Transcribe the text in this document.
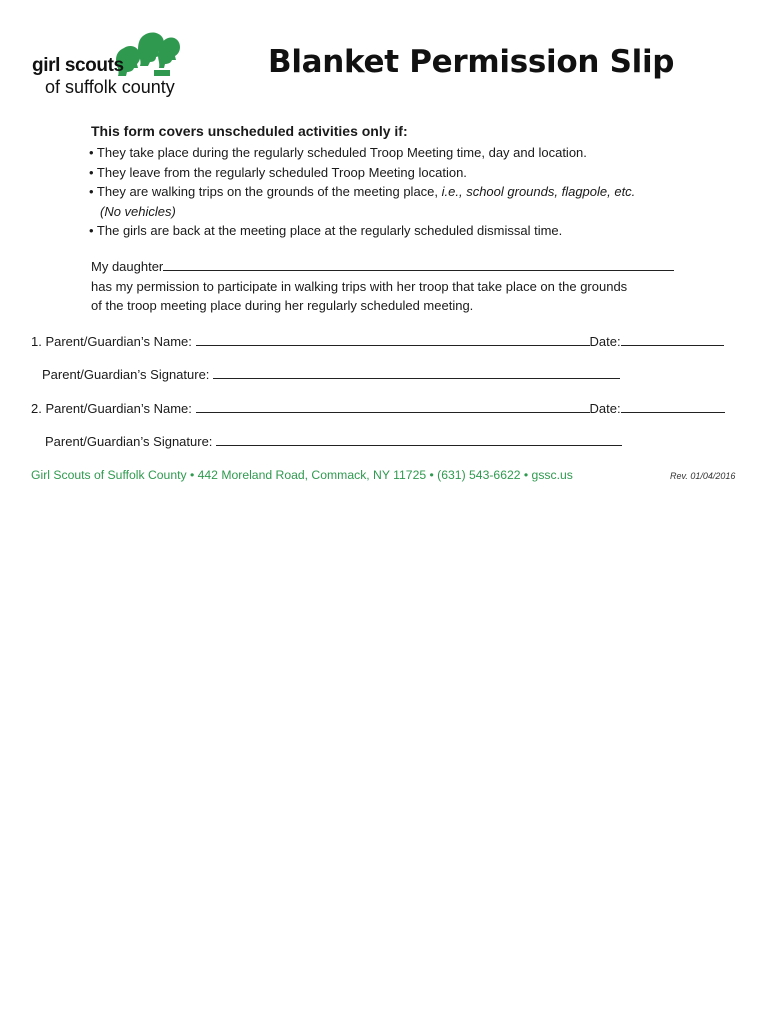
girl scouts
of suffolk county
Blanket Permission Slip
This form covers unscheduled activities only if:
• They take place during the regularly scheduled Troop Meeting time, day and location.
• They leave from the regularly scheduled Troop Meeting location.
• They are walking trips on the grounds of the meeting place, i.e., school grounds, flagpole, etc.
(No vehicles)
• The girls are back at the meeting place at the regularly scheduled dismissal time.
My daughter
has my permission to participate in walking trips with her troop that take place on the grounds
of the troop meeting place during her regularly scheduled meeting.
1. Parent/Guardian’s Name:	Date:
Parent/Guardian’s Signature:
2. Parent/Guardian’s Name:	Date:
Parent/Guardian’s Signature:
Girl Scouts of Suffolk County • 442 Moreland Road, Commack, NY 11725 • (631) 543-6622 • gssc.us	Rev. 01/04/2016
